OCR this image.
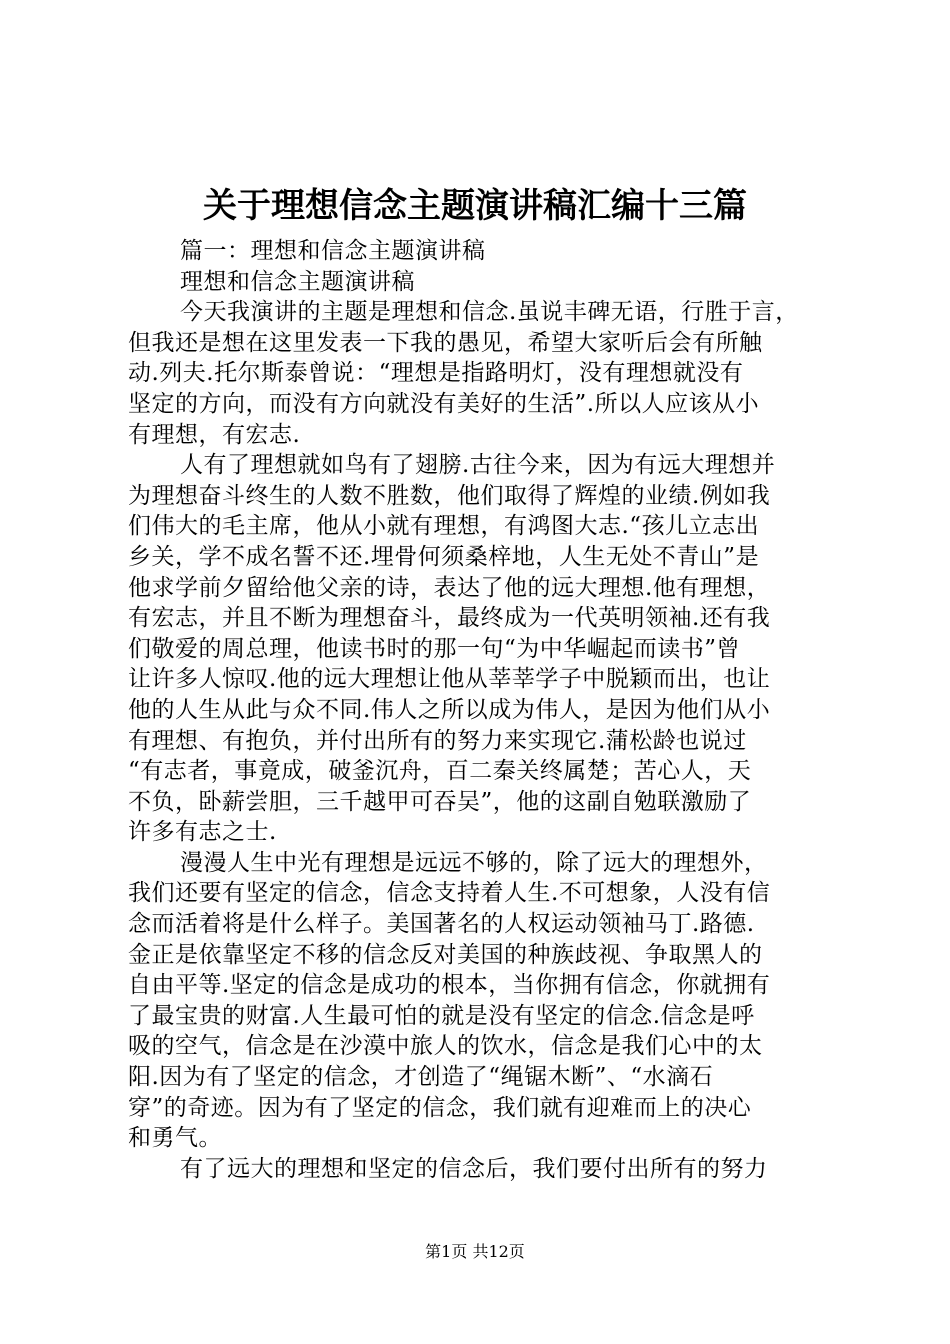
关于理想信念主题演讲稿汇编十三篇
篇一：理想和信念主题演讲稿
理想和信念主题演讲稿
今天我演讲的主题是理想和信念.虽说丰碑无语，行胜于言，
但我还是想在这里发表一下我的愚见，希望大家听后会有所触
动.列夫.托尔斯泰曾说：“理想是指路明灯，没有理想就没有
坚定的方向，而没有方向就没有美好的生活”.所以人应该从小
有理想，有宏志.
人有了理想就如鸟有了翅膀.古往今来，因为有远大理想并
为理想奋斗终生的人数不胜数，他们取得了辉煌的业绩.例如我
们伟大的毛主席，他从小就有理想，有鸿图大志.“孩儿立志出
乡关，学不成名誓不还.埋骨何须桑梓地，人生无处不青山”是
他求学前夕留给他父亲的诗，表达了他的远大理想.他有理想，
有宏志，并且不断为理想奋斗，最终成为一代英明领袖.还有我
们敬爱的周总理，他读书时的那一句“为中华崛起而读书”曾
让许多人惊叹.他的远大理想让他从莘莘学子中脱颖而出，也让
他的人生从此与众不同.伟人之所以成为伟人，是因为他们从小
有理想、有抱负，并付出所有的努力来实现它.蒲松龄也说过
“有志者，事竟成，破釜沉舟，百二秦关终属楚；苦心人，天
不负，卧薪尝胆，三千越甲可吞吴”，他的这副自勉联激励了
许多有志之士.
漫漫人生中光有理想是远远不够的，除了远大的理想外，
我们还要有坚定的信念，信念支持着人生.不可想象，人没有信
念而活着将是什么样子。美国著名的人权运动领袖马丁.路德.
金正是依靠坚定不移的信念反对美国的种族歧视、争取黑人的
自由平等.坚定的信念是成功的根本，当你拥有信念，你就拥有
了最宝贵的财富.人生最可怕的就是没有坚定的信念.信念是呼
吸的空气，信念是在沙漠中旅人的饮水，信念是我们心中的太
阳.因为有了坚定的信念，才创造了“绳锯木断”、“水滴石
穿”的奇迹。因为有了坚定的信念，我们就有迎难而上的决心
和勇气。
有了远大的理想和坚定的信念后，我们要付出所有的努力
第1页 共12页
